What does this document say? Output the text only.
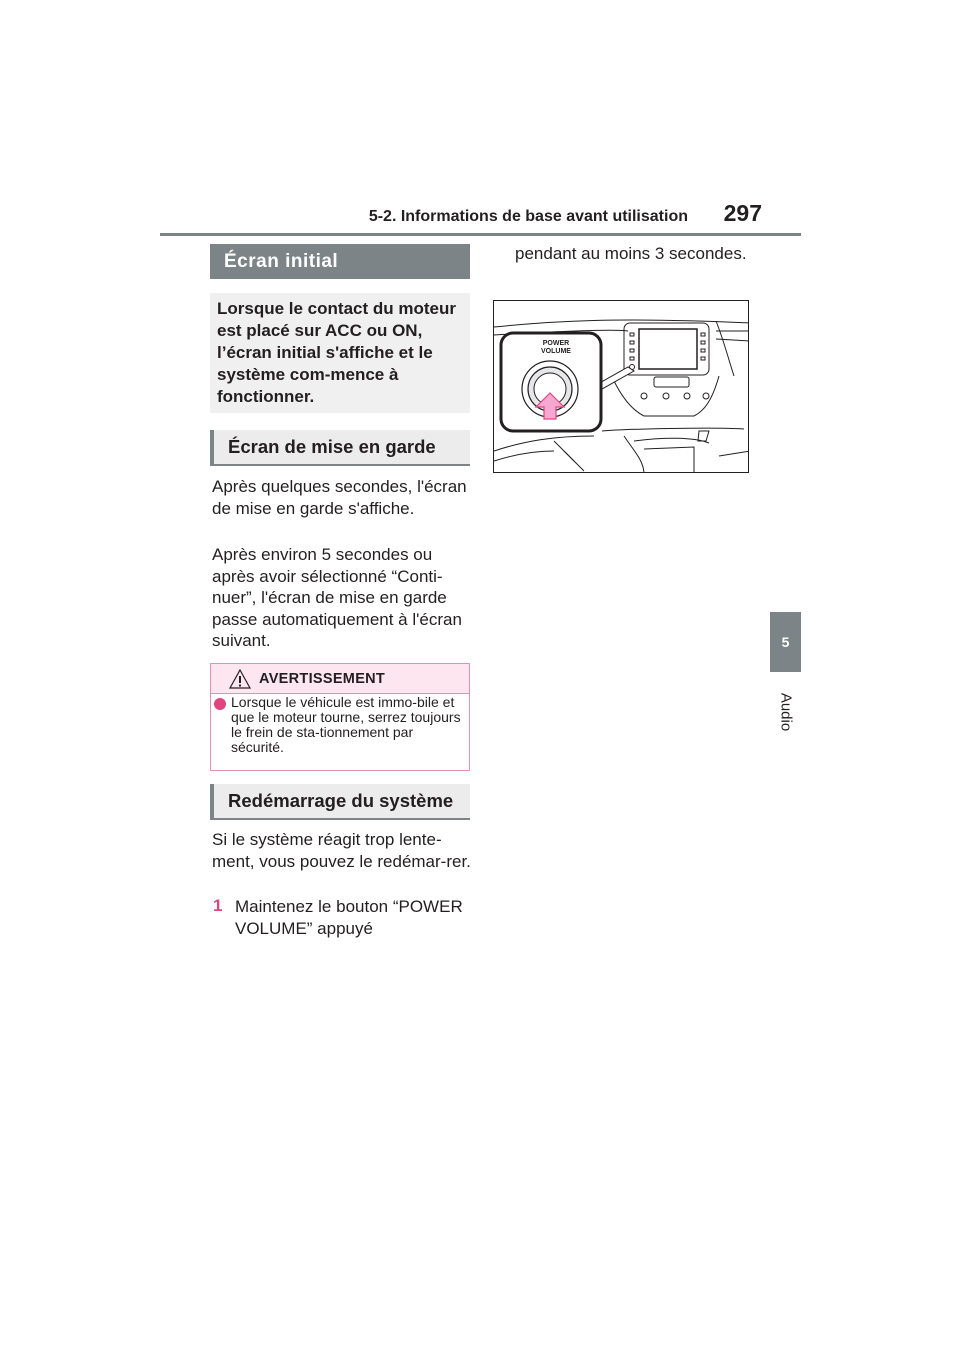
5-2. Informations de base avant utilisation	297
5
Audio
Écran initial
Lorsque le contact du moteur est placé sur ACC ou ON, l’écran initial s'affiche et le système com-mence à fonctionner.
Écran de mise en garde
Après quelques secondes, l'écran de mise en garde s'affiche.
Après environ 5 secondes ou après avoir sélectionné “Conti-nuer”, l'écran de mise en garde passe automatiquement à l'écran suivant.
AVERTISSEMENT
Lorsque le véhicule est immo-bile et que le moteur tourne, serrez toujours le frein de sta-tionnement par sécurité.
Redémarrage du système
Si le système réagit trop lente-ment, vous pouvez le redémar-rer.
1 Maintenez le bouton “POWER VOLUME” appuyé
pendant au moins 3 secondes.
POWER
VOLUME
